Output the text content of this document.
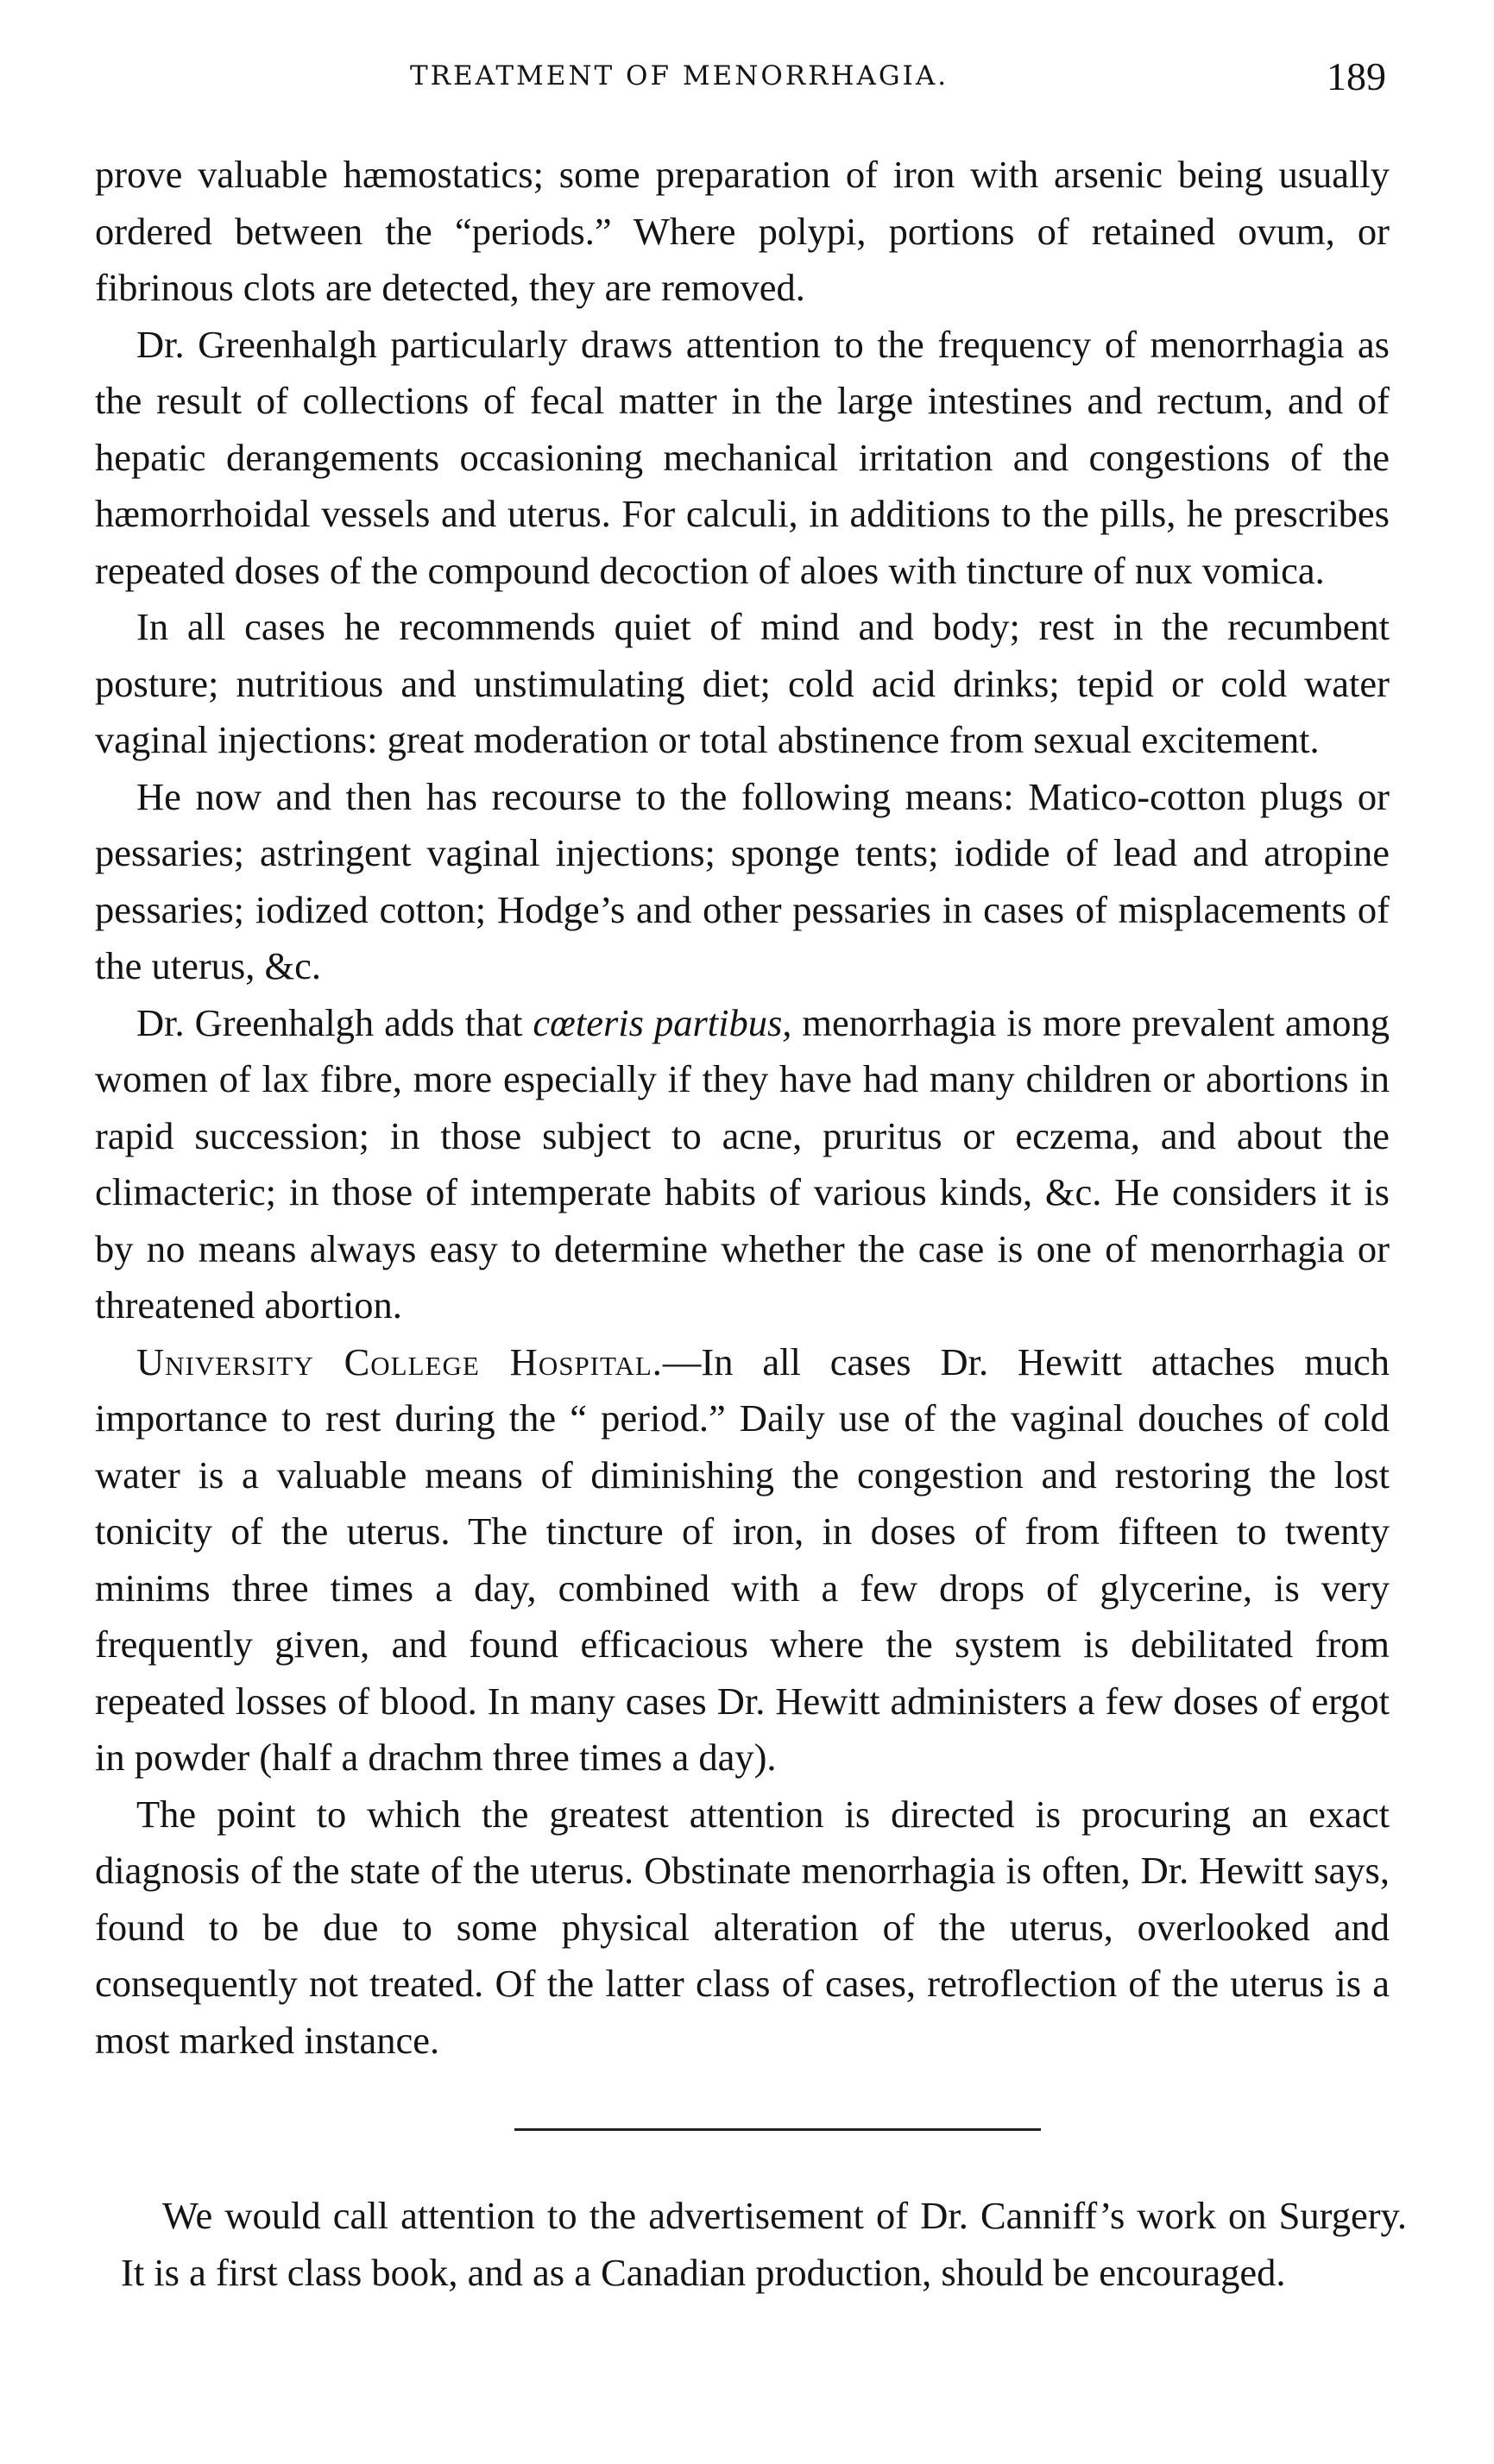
TREATMENT OF MENORRHAGIA.	189

prove valuable hæmostatics; some preparation of iron with arsenic being usually ordered between the “periods.” Where polypi, portions of retained ovum, or fibrinous clots are detected, they are removed.

Dr. Greenhalgh particularly draws attention to the frequency of menorrhagia as the result of collections of fecal matter in the large intestines and rectum, and of hepatic derangements occasioning mechanical irritation and congestions of the hæmorrhoidal vessels and uterus. For calculi, in additions to the pills, he prescribes repeated doses of the compound decoction of aloes with tincture of nux vomica.

In all cases he recommends quiet of mind and body; rest in the recumbent posture; nutritious and unstimulating diet; cold acid drinks; tepid or cold water vaginal injections: great moderation or total abstinence from sexual excitement.

He now and then has recourse to the following means: Matico-cotton plugs or pessaries; astringent vaginal injections; sponge tents; iodide of lead and atropine pessaries; iodized cotton; Hodge’s and other pessaries in cases of misplacements of the uterus, &c.

Dr. Greenhalgh adds that cœteris partibus, menorrhagia is more prevalent among women of lax fibre, more especially if they have had many children or abortions in rapid succession; in those subject to acne, pruritus or eczema, and about the climacteric; in those of intemperate habits of various kinds, &c. He considers it is by no means always easy to determine whether the case is one of menorrhagia or threatened abortion.

University College Hospital.—In all cases Dr. Hewitt attaches much importance to rest during the “ period.” Daily use of the vaginal douches of cold water is a valuable means of diminishing the congestion and restoring the lost tonicity of the uterus. The tincture of iron, in doses of from fifteen to twenty minims three times a day, combined with a few drops of glycerine, is very frequently given, and found efficacious where the system is debilitated from repeated losses of blood. In many cases Dr. Hewitt administers a few doses of ergot in powder (half a drachm three times a day).

The point to which the greatest attention is directed is procuring an exact diagnosis of the state of the uterus. Obstinate menorrhagia is often, Dr. Hewitt says, found to be due to some physical alteration of the uterus, overlooked and consequently not treated. Of the latter class of cases, retroflection of the uterus is a most marked instance.

We would call attention to the advertisement of Dr. Canniff’s work on Surgery. It is a first class book, and as a Canadian production, should be encouraged.
